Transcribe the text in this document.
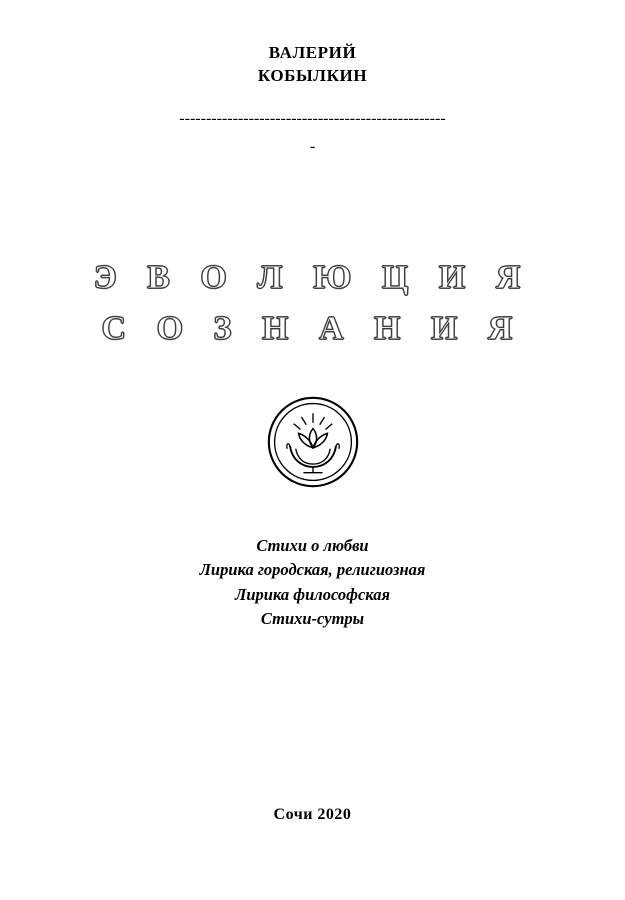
ВАЛЕРИЙ
КОБЫЛКИН
--------------------------------------------------
-
Э В О Л Ю Ц И Я
С О З Н А Н И Я
Стихи о любви
Лирика городская, религиозная
Лирика философская
Стихи-сутры
Сочи 2020
